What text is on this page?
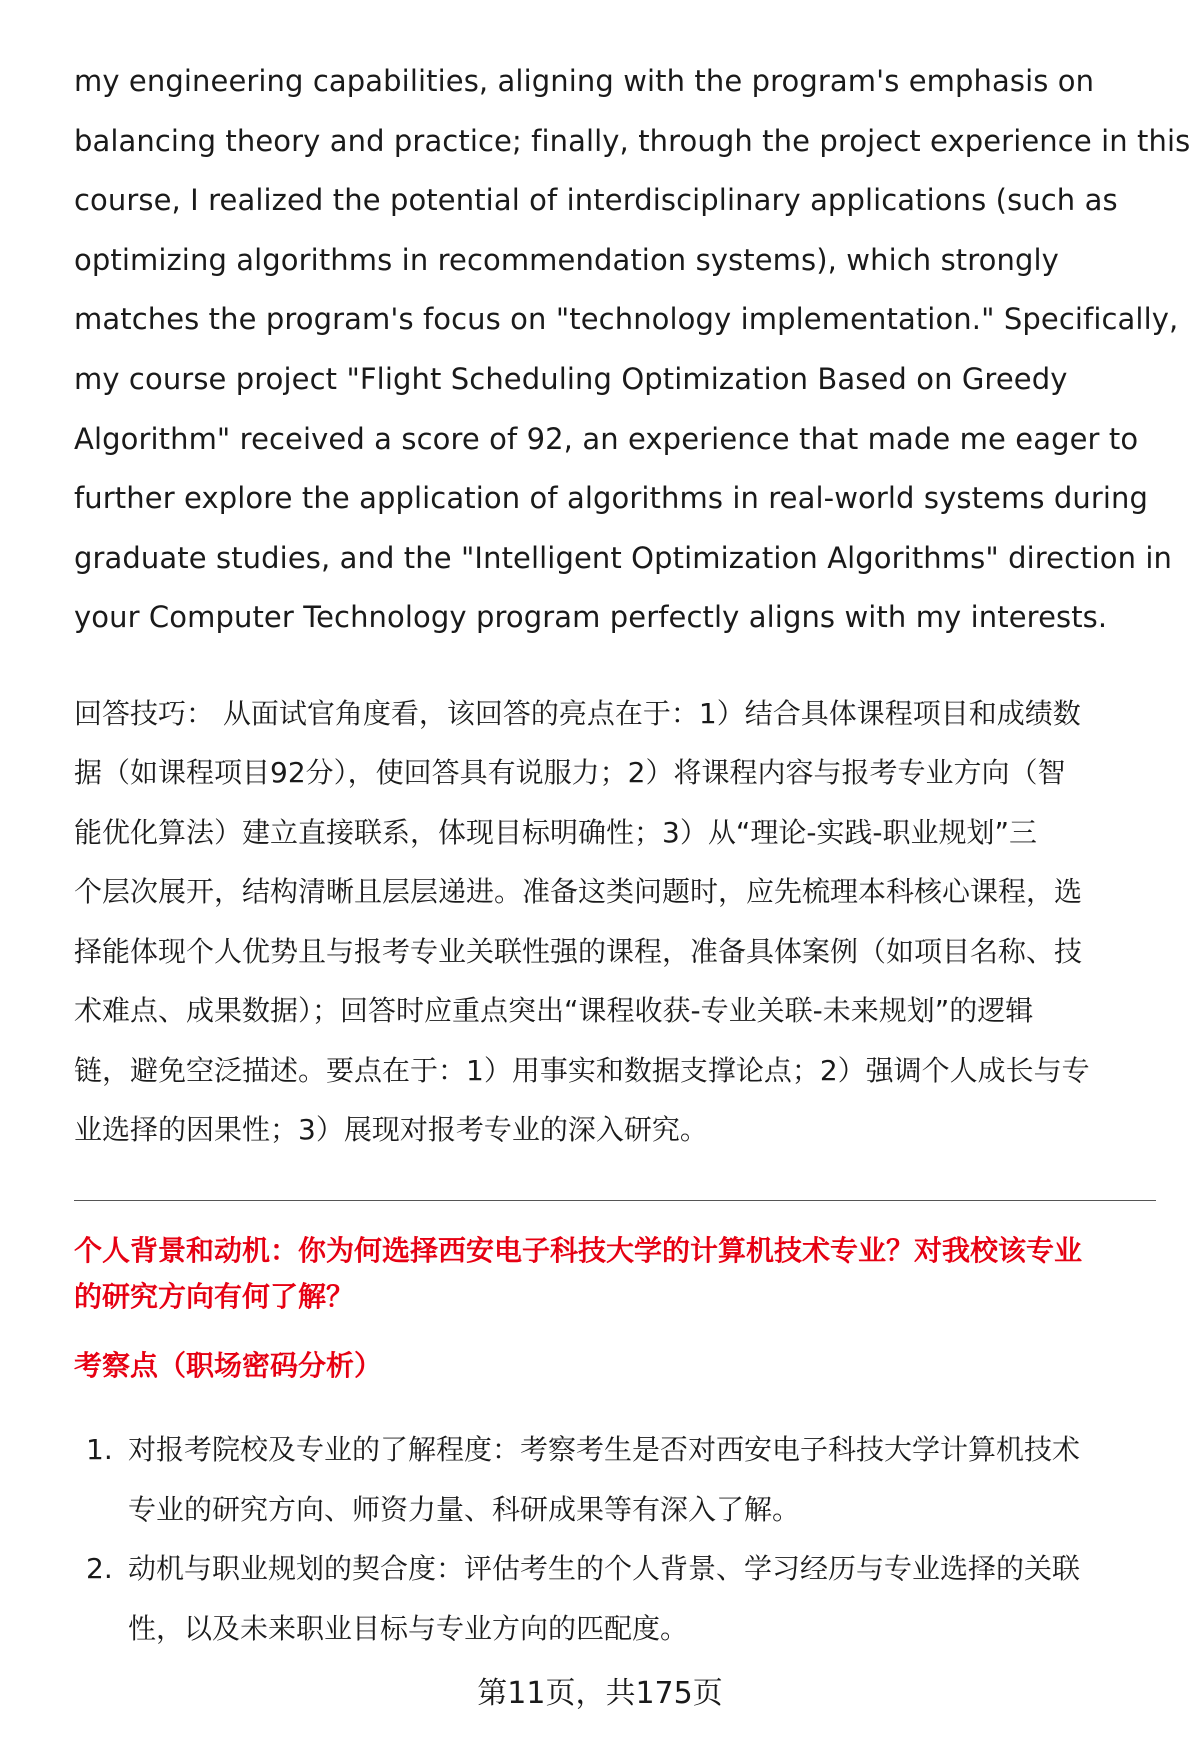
my engineering capabilities, aligning with the program's emphasis on
balancing theory and practice; finally, through the project experience in this
course, I realized the potential of interdisciplinary applications (such as
optimizing algorithms in recommendation systems), which strongly
matches the program's focus on "technology implementation." Specifically,
my course project "Flight Scheduling Optimization Based on Greedy
Algorithm" received a score of 92, an experience that made me eager to
further explore the application of algorithms in real-world systems during
graduate studies, and the "Intelligent Optimization Algorithms" direction in
your Computer Technology program perfectly aligns with my interests.

回答技巧： 从面试官角度看，该回答的亮点在于：1）结合具体课程项目和成绩数
据（如课程项目92分），使回答具有说服力；2）将课程内容与报考专业方向（智
能优化算法）建立直接联系，体现目标明确性；3）从“理论-实践-职业规划”三
个层次展开，结构清晰且层层递进。准备这类问题时，应先梳理本科核心课程，选
择能体现个人优势且与报考专业关联性强的课程，准备具体案例（如项目名称、技
术难点、成果数据）；回答时应重点突出“课程收获-专业关联-未来规划”的逻辑
链，避免空泛描述。要点在于：1）用事实和数据支撑论点；2）强调个人成长与专
业选择的因果性；3）展现对报考专业的深入研究。

个人背景和动机：你为何选择西安电子科技大学的计算机技术专业？对我校该专业
的研究方向有何了解？
考察点（职场密码分析）
1. 对报考院校及专业的了解程度：考察考生是否对西安电子科技大学计算机技术
专业的研究方向、师资力量、科研成果等有深入了解。
2. 动机与职业规划的契合度：评估考生的个人背景、学习经历与专业选择的关联
性，以及未来职业目标与专业方向的匹配度。
第11页，共175页
